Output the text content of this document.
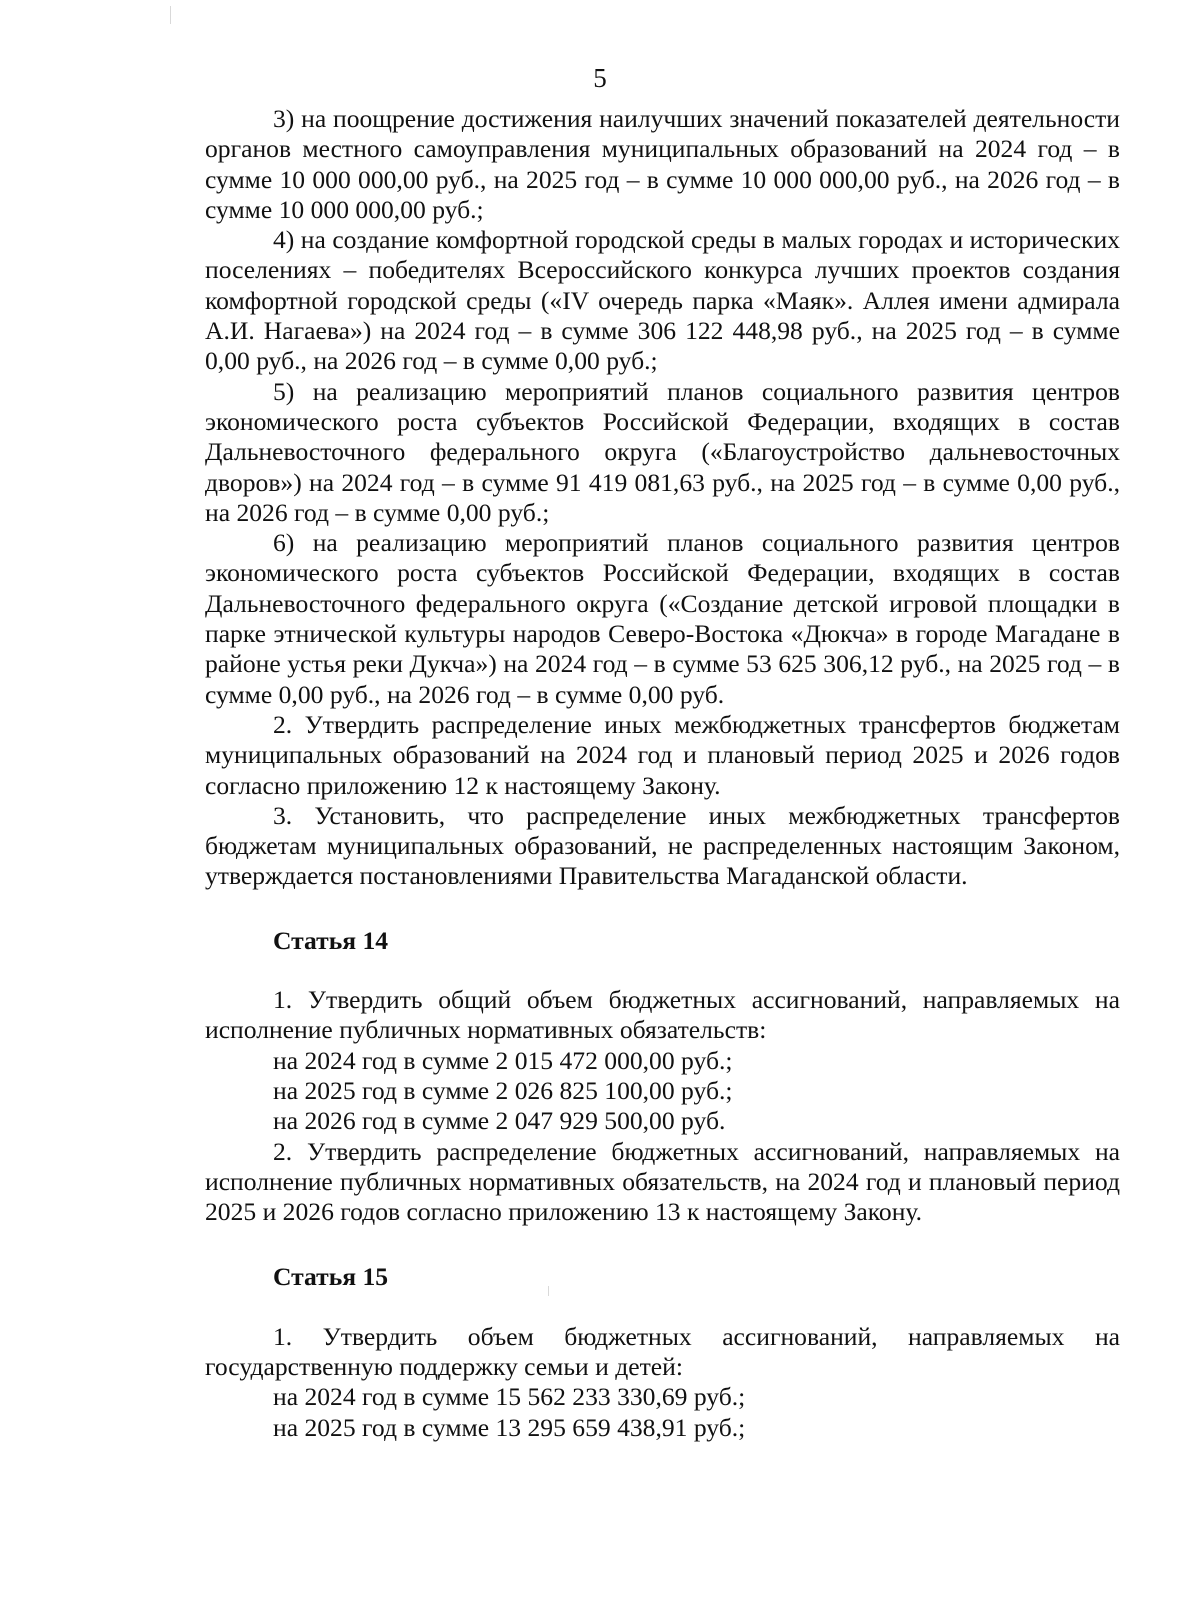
5

3) на поощрение достижения наилучших значений показателей деятельности органов местного самоуправления муниципальных образований на 2024 год – в сумме 10 000 000,00 руб., на 2025 год – в сумме 10 000 000,00 руб., на 2026 год – в сумме 10 000 000,00 руб.;

4) на создание комфортной городской среды в малых городах и исторических поселениях – победителях Всероссийского конкурса лучших проектов создания комфортной городской среды («IV очередь парка «Маяк». Аллея имени адмирала А.И. Нагаева») на 2024 год – в сумме 306 122 448,98 руб., на 2025 год – в сумме 0,00 руб., на 2026 год – в сумме 0,00 руб.;

5) на реализацию мероприятий планов социального развития центров экономического роста субъектов Российской Федерации, входящих в состав Дальневосточного федерального округа («Благоустройство дальневосточных дворов») на 2024 год – в сумме 91 419 081,63 руб., на 2025 год – в сумме 0,00 руб., на 2026 год – в сумме 0,00 руб.;

6) на реализацию мероприятий планов социального развития центров экономического роста субъектов Российской Федерации, входящих в состав Дальневосточного федерального округа («Создание детской игровой площадки в парке этнической культуры народов Северо-Востока «Дюкча» в городе Магадане в районе устья реки Дукча») на 2024 год – в сумме 53 625 306,12 руб., на 2025 год – в сумме 0,00 руб., на 2026 год – в сумме 0,00 руб.

2. Утвердить распределение иных межбюджетных трансфертов бюджетам муниципальных образований на 2024 год и плановый период 2025 и 2026 годов согласно приложению 12 к настоящему Закону.

3. Установить, что распределение иных межбюджетных трансфертов бюджетам муниципальных образований, не распределенных настоящим Законом, утверждается постановлениями Правительства Магаданской области.

Статья 14

1. Утвердить общий объем бюджетных ассигнований, направляемых на исполнение публичных нормативных обязательств:

на 2024 год в сумме 2 015 472 000,00 руб.;

на 2025 год в сумме 2 026 825 100,00 руб.;

на 2026 год в сумме 2 047 929 500,00 руб.

2. Утвердить распределение бюджетных ассигнований, направляемых на исполнение публичных нормативных обязательств, на 2024 год и плановый период 2025 и 2026 годов согласно приложению 13 к настоящему Закону.

Статья 15

1. Утвердить объем бюджетных ассигнований, направляемых на государственную поддержку семьи и детей:

на 2024 год в сумме 15 562 233 330,69 руб.;

на 2025 год в сумме 13 295 659 438,91 руб.;
